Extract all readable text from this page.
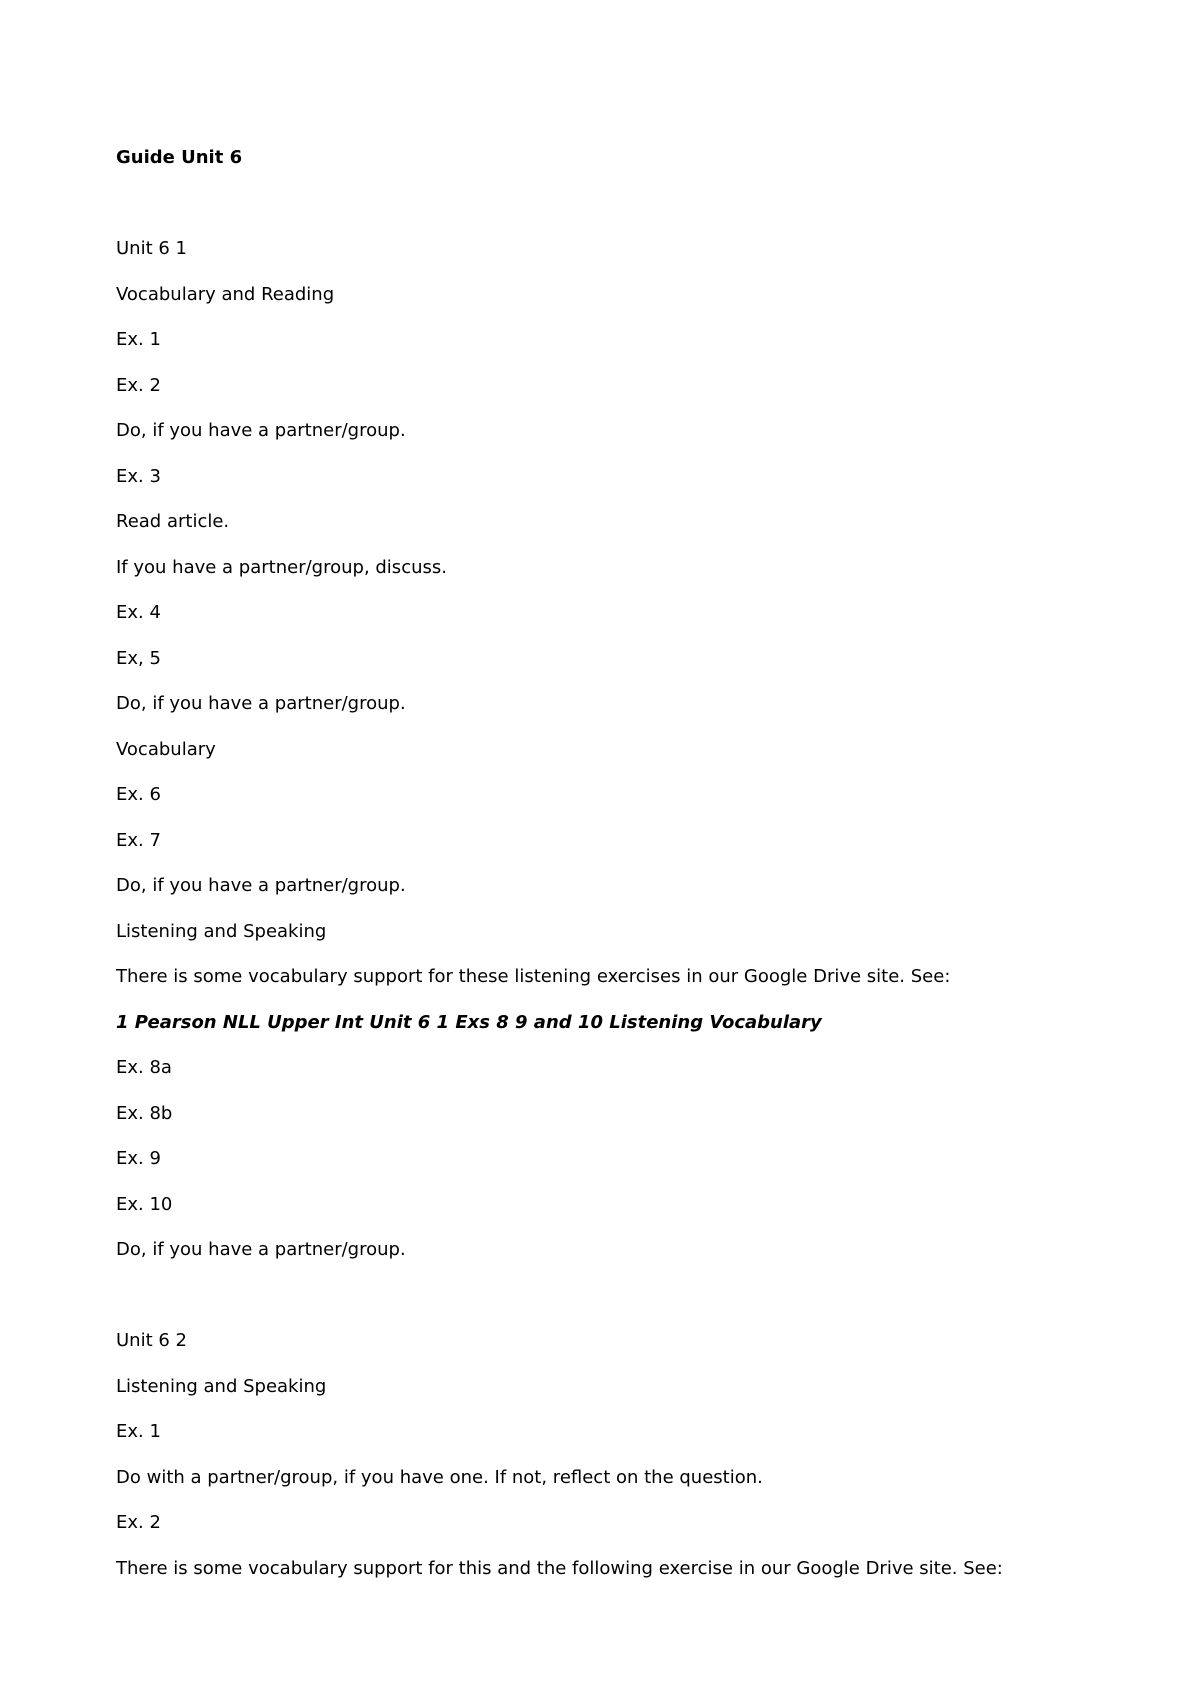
Guide Unit 6
Unit 6 1
Vocabulary and Reading
Ex. 1
Ex. 2
Do, if you have a partner/group.
Ex. 3
Read article.
If you have a partner/group, discuss.
Ex. 4
Ex, 5
Do, if you have a partner/group.
Vocabulary
Ex. 6
Ex. 7
Do, if you have a partner/group.
Listening and Speaking
There is some vocabulary support for these listening exercises in our Google Drive site. See:
1 Pearson NLL Upper Int Unit 6 1 Exs 8 9 and 10 Listening Vocabulary
Ex. 8a
Ex. 8b
Ex. 9
Ex. 10
Do, if you have a partner/group.
Unit 6 2
Listening and Speaking
Ex. 1
Do with a partner/group, if you have one. If not, reflect on the question.
Ex. 2
There is some vocabulary support for this and the following exercise in our Google Drive site. See:
